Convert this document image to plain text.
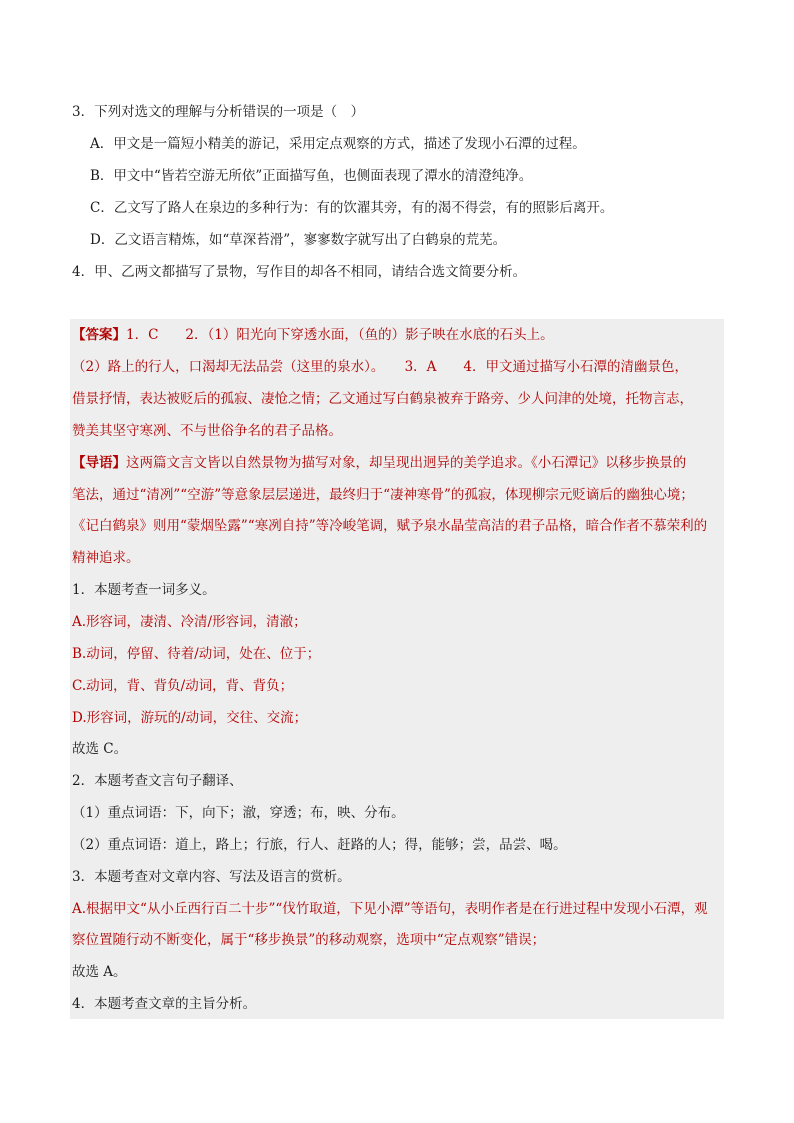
3．下列对选文的理解与分析错误的一项是（　）
A．甲文是一篇短小精美的游记，采用定点观察的方式，描述了发现小石潭的过程。
B．甲文中“皆若空游无所依”正面描写鱼，也侧面表现了潭水的清澄纯净。
C．乙文写了路人在泉边的多种行为：有的饮濯其旁，有的渴不得尝，有的照影后离开。
D．乙文语言精炼，如“草深苔滑”，寥寥数字就写出了白鹤泉的荒芜。
4．甲、乙两文都描写了景物，写作目的却各不相同，请结合选文简要分析。
【答案】1．C　　2．（1）阳光向下穿透水面，（鱼的）影子映在水底的石头上。
（2）路上的行人，口渴却无法品尝（这里的泉水）。　　3．A　　4．甲文通过描写小石潭的清幽景色，
借景抒情，表达被贬后的孤寂、凄怆之情；乙文通过写白鹤泉被弃于路旁、少人问津的处境，托物言志，
赞美其坚守寒冽、不与世俗争名的君子品格。
【导语】这两篇文言文皆以自然景物为描写对象，却呈现出迥异的美学追求。《小石潭记》以移步换景的
笔法，通过“清冽”“空游”等意象层层递进，最终归于“凄神寒骨”的孤寂，体现柳宗元贬谪后的幽独心境；
《记白鹤泉》则用“蒙烟坠露”“寒冽自持”等冷峻笔调，赋予泉水晶莹高洁的君子品格，暗合作者不慕荣利的
精神追求。
1．本题考查一词多义。
A.形容词，凄清、冷清/形容词，清澈；
B.动词，停留、待着/动词，处在、位于；
C.动词，背、背负/动词，背、背负；
D.形容词，游玩的/动词，交往、交流；
故选 C。
2．本题考查文言句子翻译、
（1）重点词语：下，向下；澈，穿透；布，映、分布。
（2）重点词语：道上，路上；行旅，行人、赶路的人；得，能够；尝，品尝、喝。
3．本题考查对文章内容、写法及语言的赏析。
A.根据甲文“从小丘西行百二十步”“伐竹取道，下见小潭”等语句，表明作者是在行进过程中发现小石潭，观
察位置随行动不断变化，属于“移步换景”的移动观察，选项中“定点观察”错误；
故选 A。
4．本题考查文章的主旨分析。
